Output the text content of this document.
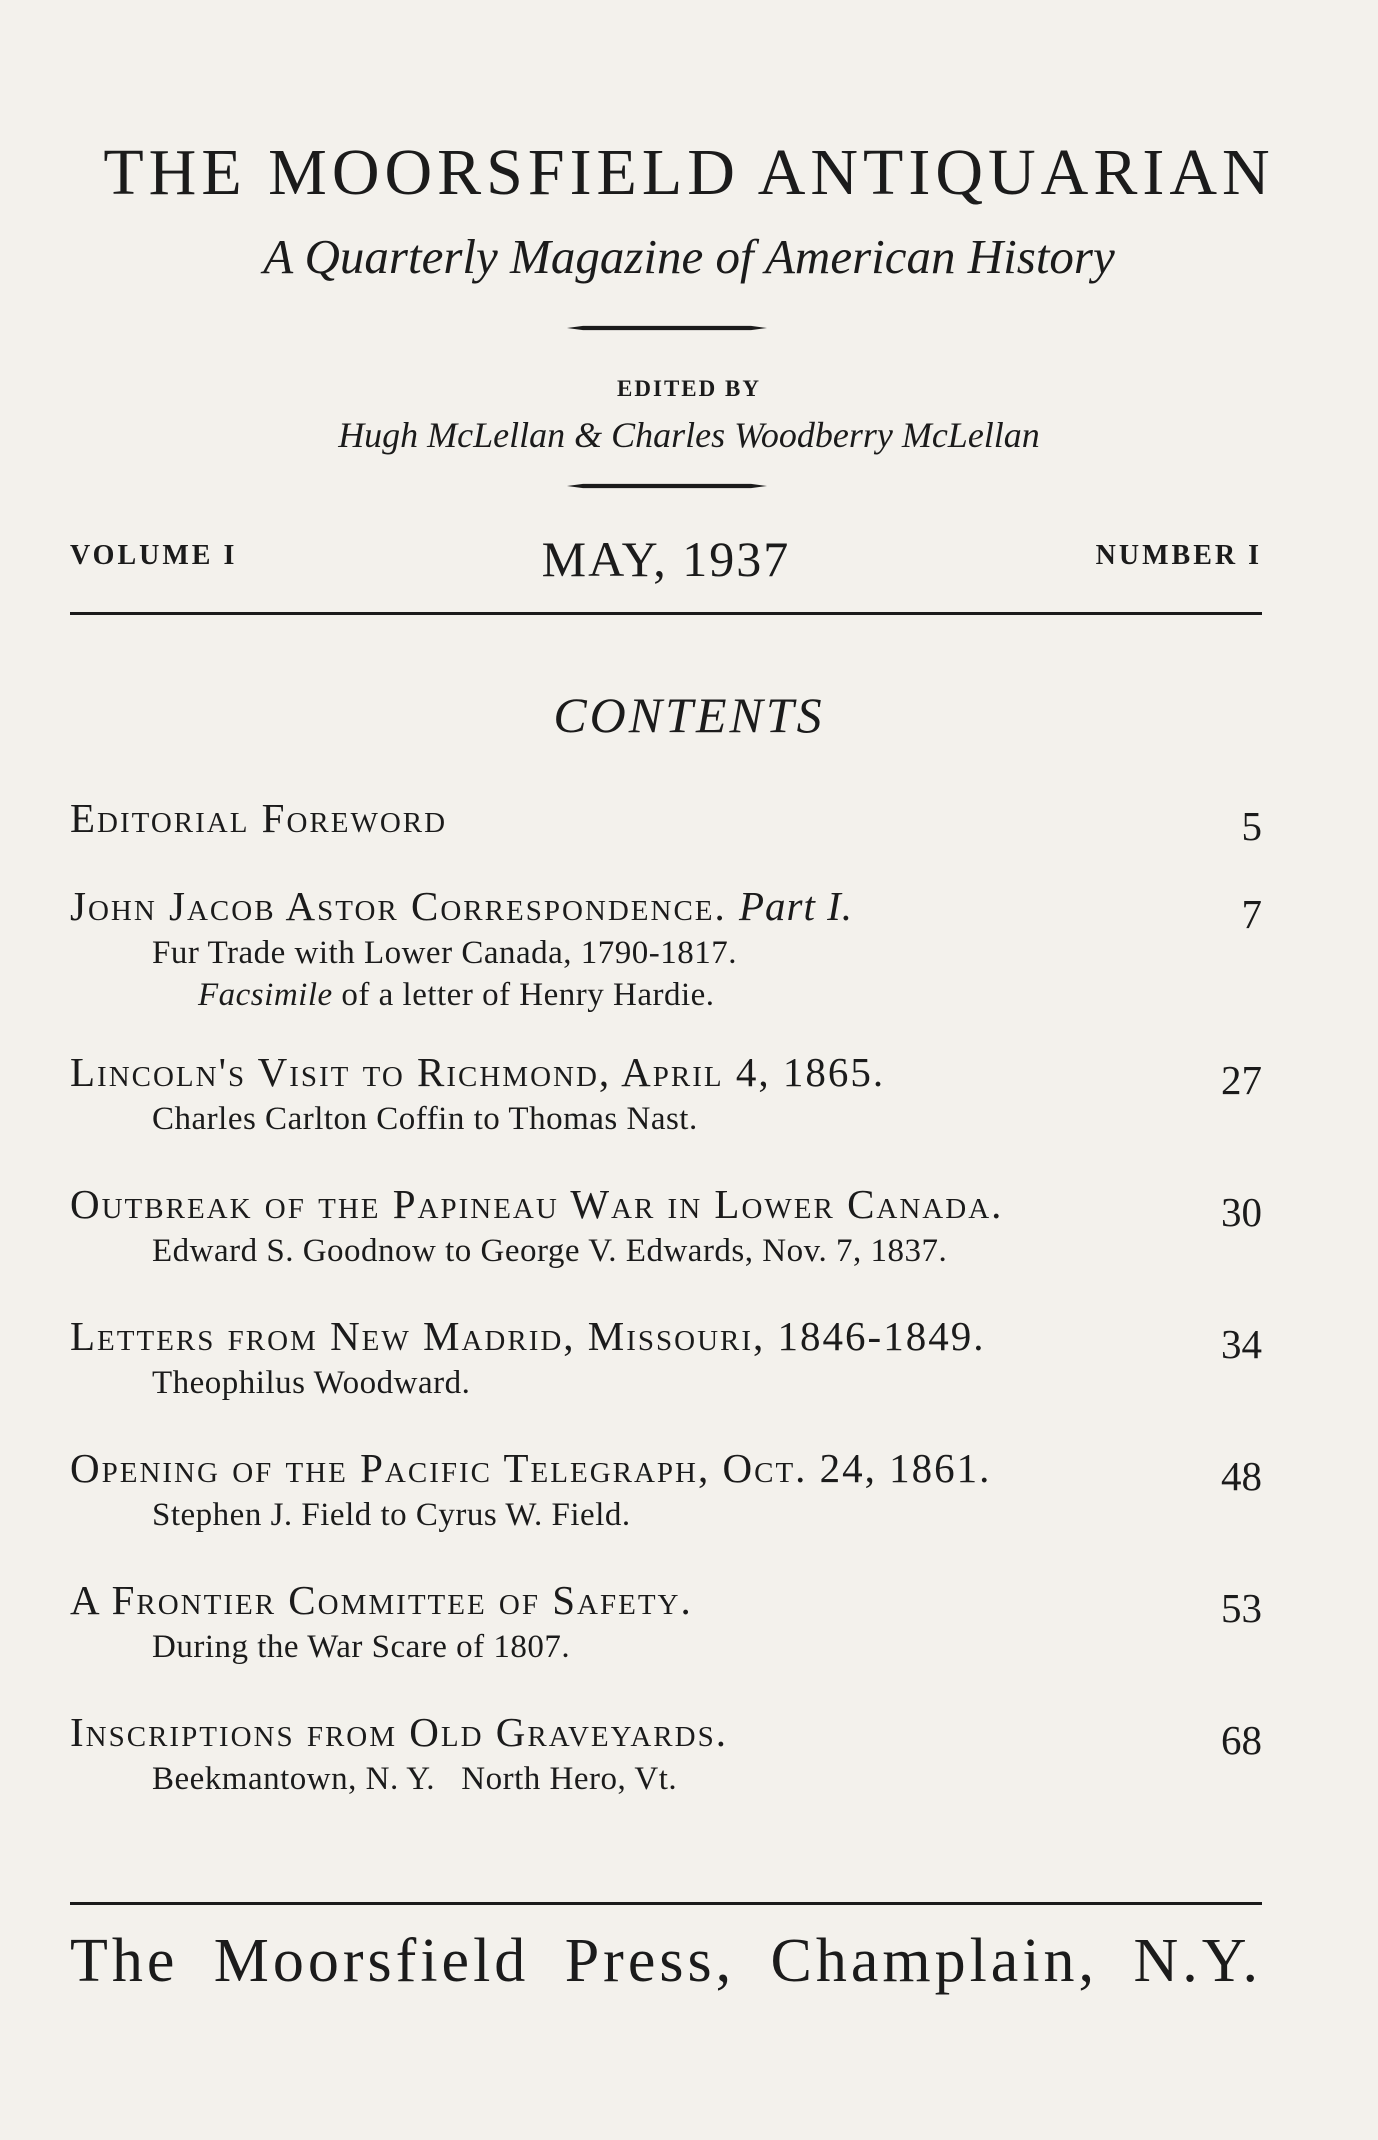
THE MOORSFIELD ANTIQUARIAN
A Quarterly Magazine of American History
EDITED BY
Hugh McLellan & Charles Woodberry McLellan
VOLUME I	MAY, 1937	NUMBER I
CONTENTS
Editorial Foreword	5
John Jacob Astor Correspondence. Part I.	7
Fur Trade with Lower Canada, 1790-1817.
Facsimile of a letter of Henry Hardie.
Lincoln's Visit to Richmond, April 4, 1865.	27
Charles Carlton Coffin to Thomas Nast.
Outbreak of the Papineau War in Lower Canada.	30
Edward S. Goodnow to George V. Edwards, Nov. 7, 1837.
Letters from New Madrid, Missouri, 1846-1849.	34
Theophilus Woodward.
Opening of the Pacific Telegraph, Oct. 24, 1861.	48
Stephen J. Field to Cyrus W. Field.
A Frontier Committee of Safety.	53
During the War Scare of 1807.
Inscriptions from Old Graveyards.	68
Beekmantown, N. Y.   North Hero, Vt.
The Moorsfield Press, Champlain, N.Y.
